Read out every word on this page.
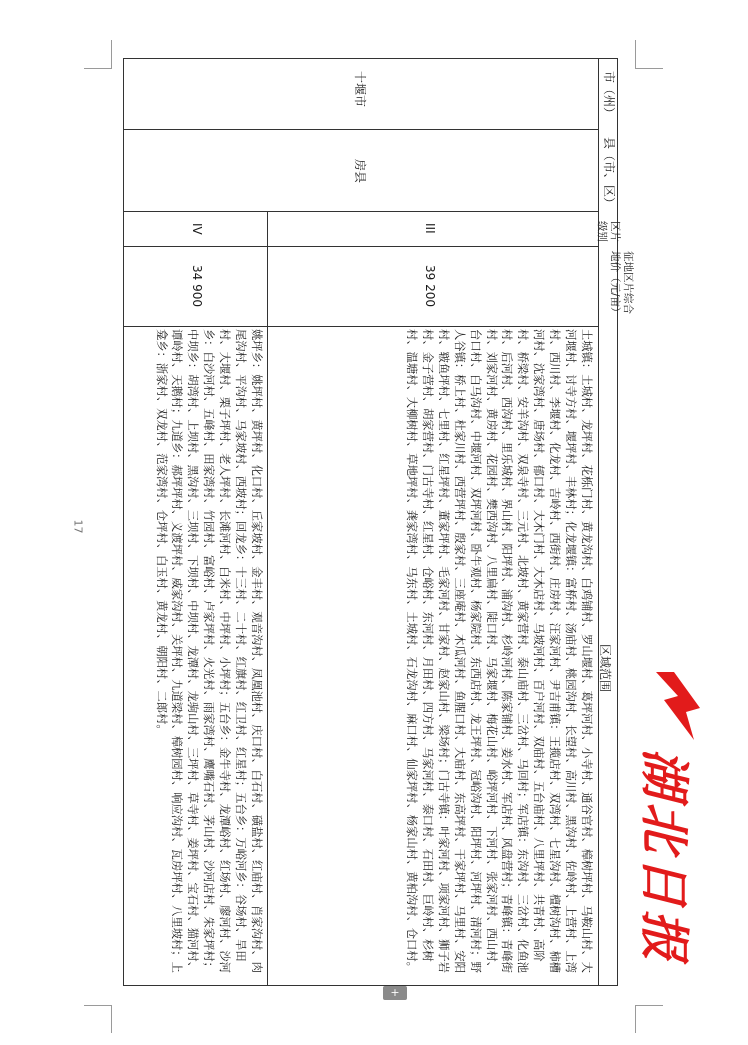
17
市（州）
县（市、区）
区片级别
征地区片综合地价（元/亩）
区域范围
十堰市
房县
III
39 200
土城镇：土城村、龙坪村、花栎门村、黄龙沟村、白鸡铺村、罗山堰村、葛坪河村、小寺村、通谷官村、樟树坪村、马鞍山村、大河堰村、讨寺方村、堰坪村、丰林村；化龙堰镇：富桥村、汤庙村、桃园沟村、长望村、高川村、黑沟村、佐岭村、上营村、上湾村、西川村、李堰村、化龙村、吉岭村、西街村、庄房村、汪家河村、尹吉甫镇：王揽店村、双湾村、七星沟村、檀树沟村、柿槽河村、沈家湾村、唐场村、郁口村、大木门村、大木店村、马坡河村、百户河村、双庙村、五台庙村、八里坪村、共青村、高阶村、桥梁村、安羊沟村、双泉寺村、三元村、北坡村、黄家营村、泰山庙村、三岔村、马回村；军店镇：东沟村、三岔村、化鱼池村、后河村、西沟村、里乐城村、界山村、阳坪村、浦沟村、杉岭河村、陈家铺村、姜水村、军店村、风盘营村；青峰镇：青峰街村、刘家河村、黄房村、花园村、樊西沟村、八里扁村、陡口村、马家堰村、梅花山村、峪坪河村、下河村、张家河村、西山村、台口村、白马沟村、中堰河村、双坪河村、卧牛观村、杨家院村、东西店村、龙王坪村、冠峪沟村、阳坪村、河坪村、清河村；野人谷镇：桥上村、杜家川村、西营坪村、殷家村、三座庵村、木瓜河村、鱼腥口村、大庙村、东高坪村、干家坪村、马里村、安阳村、皲鱼坪村、七里村、红星坪村、董家坪村、毛家河村、甘家村、赵家山村、梁场村；门古寺镇：叶家河村、项家河村、狮子岩村、金子营村、胡家营村、门古寺村、红星村、仓峪村、东河村、月田村、四方村、马家河村、泰口村、石田村、巨岭村、杉树村、温塘村、大柳树村、草地坪村、龚家湾村、马东村、土城村、石龙沟村、麻口村、仙家坪村、杨家山村、黄柏沟村、仓口村。
IV
34 900
姚坪乡：姚坪村、黄坪村、化口村、丘家坡村、金丰村、观音沟村、凤凰池村、庆口村、白石村、磺盐村、红庙村、肖家沟村、肉尾沟村、平沟村、马家坡村、西坡村；回龙乡：十三村、二十村、红旗村、红卫村、红星村；五台乡：万峪河乡：谷场村、旱田村、大堰村、栗子坪村、老人坪村、长滩河村、白米村、中坪村、小坪村；五台乡：金牛寺村、龙潭峪村、红场村、廖河村、沙河乡：白沙河村、五峰村、田家湾村、竹园村、富峪村、卢家坪村、火光村、雨家湾村、鹰嘴石村、茅山村、沙河店村、朱家坪村；中坝乡：胡湾村、上坝村、黑沟村、三坝村、下坝村、中坝村、龙潭村、龙驹山村、三坪村、草寺村、姜坪村、宝石村、猫河村、谭岭村、天鹅村；九道乡：郝坪坪村、义渡坪村、威家沟村、关坪村、九道梁村、樟树园村、响应沟村、瓦房坪村、八里坡村；上龛乡：浙家村、双龙村、范家湾村、仓坪村、白玉村、黄龙村、朝阳村、二郎村。
湖北日报
+
